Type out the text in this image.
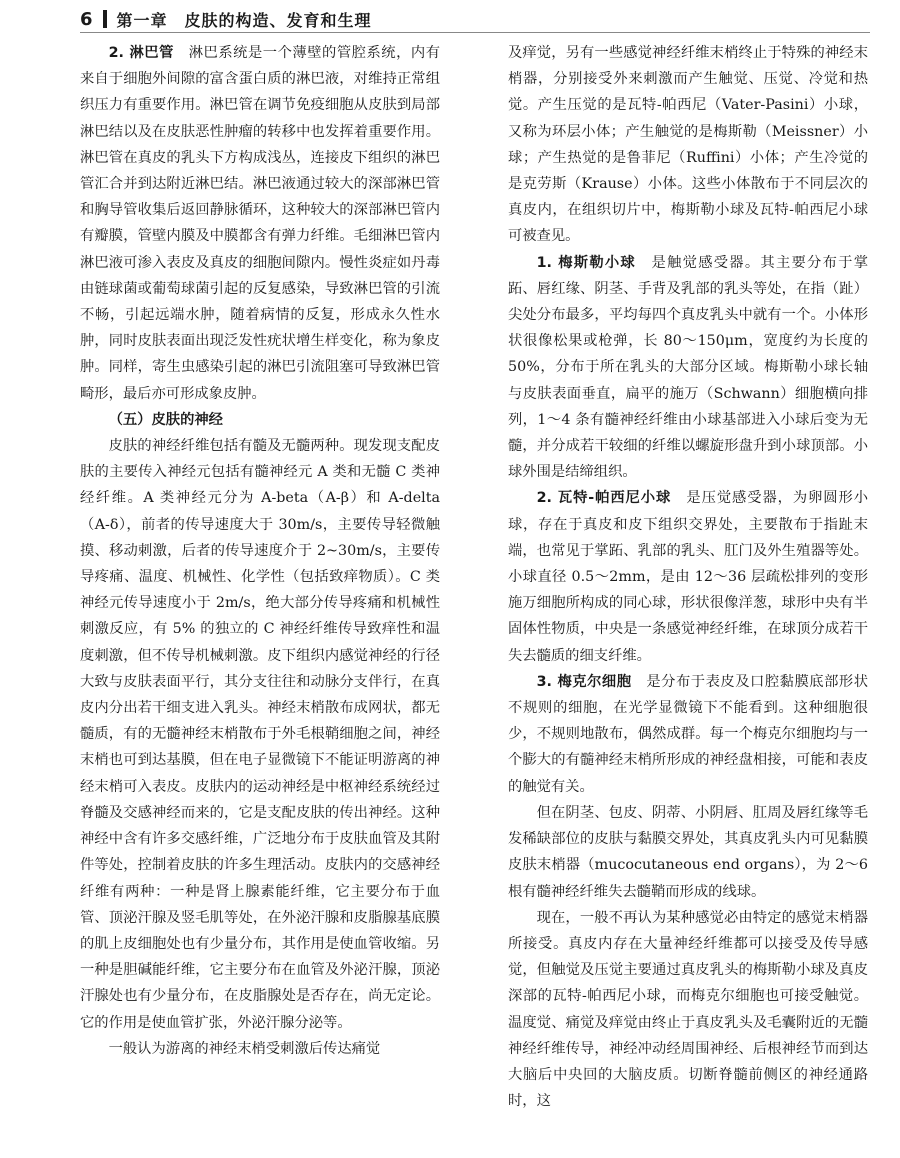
6 第一章　皮肤的构造、发育和生理

2. 淋巴管　淋巴系统是一个薄壁的管腔系统，内有来自于细胞外间隙的富含蛋白质的淋巴液，对维持正常组织压力有重要作用。淋巴管在调节免疫细胞从皮肤到局部淋巴结以及在皮肤恶性肿瘤的转移中也发挥着重要作用。淋巴管在真皮的乳头下方构成浅丛，连接皮下组织的淋巴管汇合并到达附近淋巴结。淋巴液通过较大的深部淋巴管和胸导管收集后返回静脉循环，这种较大的深部淋巴管内有瓣膜，管壁内膜及中膜都含有弹力纤维。毛细淋巴管内淋巴液可渗入表皮及真皮的细胞间隙内。慢性炎症如丹毒由链球菌或葡萄球菌引起的反复感染，导致淋巴管的引流不畅，引起远端水肿，随着病情的反复，形成永久性水肿，同时皮肤表面出现泛发性疣状增生样变化，称为象皮肿。同样，寄生虫感染引起的淋巴引流阻塞可导致淋巴管畸形，最后亦可形成象皮肿。

（五）皮肤的神经

皮肤的神经纤维包括有髓及无髓两种。现发现支配皮肤的主要传入神经元包括有髓神经元 A 类和无髓 C 类神经纤维。A 类神经元分为 A-beta（A-β）和 A-delta（A-δ），前者的传导速度大于 30m/s，主要传导轻微触摸、移动刺激，后者的传导速度介于 2~30m/s，主要传导疼痛、温度、机械性、化学性（包括致痒物质）。C 类神经元传导速度小于 2m/s，绝大部分传导疼痛和机械性刺激反应，有 5% 的独立的 C 神经纤维传导致痒性和温度刺激，但不传导机械刺激。皮下组织内感觉神经的行径大致与皮肤表面平行，其分支往往和动脉分支伴行，在真皮内分出若干细支进入乳头。神经末梢散布成网状，都无髓质，有的无髓神经末梢散布于外毛根鞘细胞之间，神经末梢也可到达基膜，但在电子显微镜下不能证明游离的神经末梢可入表皮。皮肤内的运动神经是中枢神经系统经过脊髓及交感神经而来的，它是支配皮肤的传出神经。这种神经中含有许多交感纤维，广泛地分布于皮肤血管及其附件等处，控制着皮肤的许多生理活动。皮肤内的交感神经纤维有两种：一种是肾上腺素能纤维，它主要分布于血管、顶泌汗腺及竖毛肌等处，在外泌汗腺和皮脂腺基底膜的肌上皮细胞处也有少量分布，其作用是使血管收缩。另一种是胆碱能纤维，它主要分布在血管及外泌汗腺，顶泌汗腺处也有少量分布，在皮脂腺处是否存在，尚无定论。它的作用是使血管扩张，外泌汗腺分泌等。

一般认为游离的神经末梢受刺激后传达痛觉

及痒觉，另有一些感觉神经纤维末梢终止于特殊的神经末梢器，分别接受外来刺激而产生触觉、压觉、冷觉和热觉。产生压觉的是瓦特-帕西尼（Vater-Pasini）小球，又称为环层小体；产生触觉的是梅斯勒（Meissner）小球；产生热觉的是鲁菲尼（Ruffini）小体；产生冷觉的是克劳斯（Krause）小体。这些小体散布于不同层次的真皮内，在组织切片中，梅斯勒小球及瓦特-帕西尼小球可被查见。

1. 梅斯勒小球　是触觉感受器。其主要分布于掌跖、唇红缘、阴茎、手背及乳部的乳头等处，在指（趾）尖处分布最多，平均每四个真皮乳头中就有一个。小体形状很像松果或枪弹，长 80～150μm，宽度约为长度的 50%，分布于所在乳头的大部分区域。梅斯勒小球长轴与皮肤表面垂直，扁平的施万（Schwann）细胞横向排列，1～4 条有髓神经纤维由小球基部进入小球后变为无髓，并分成若干较细的纤维以螺旋形盘升到小球顶部。小球外围是结缔组织。

2. 瓦特-帕西尼小球　是压觉感受器，为卵圆形小球，存在于真皮和皮下组织交界处，主要散布于指趾末端，也常见于掌跖、乳部的乳头、肛门及外生殖器等处。小球直径 0.5～2mm，是由 12～36 层疏松排列的变形施万细胞所构成的同心球，形状很像洋葱，球形中央有半固体性物质，中央是一条感觉神经纤维，在球顶分成若干失去髓质的细支纤维。

3. 梅克尔细胞　是分布于表皮及口腔黏膜底部形状不规则的细胞，在光学显微镜下不能看到。这种细胞很少，不规则地散布，偶然成群。每一个梅克尔细胞均与一个膨大的有髓神经末梢所形成的神经盘相接，可能和表皮的触觉有关。

但在阴茎、包皮、阴蒂、小阴唇、肛周及唇红缘等毛发稀缺部位的皮肤与黏膜交界处，其真皮乳头内可见黏膜皮肤末梢器（mucocutaneous end organs），为 2～6 根有髓神经纤维失去髓鞘而形成的线球。

现在，一般不再认为某种感觉必由特定的感觉末梢器所接受。真皮内存在大量神经纤维都可以接受及传导感觉，但触觉及压觉主要通过真皮乳头的梅斯勒小球及真皮深部的瓦特-帕西尼小球，而梅克尔细胞也可接受触觉。温度觉、痛觉及痒觉由终止于真皮乳头及毛囊附近的无髓神经纤维传导，神经冲动经周围神经、后根神经节而到达大脑后中央回的大脑皮质。切断脊髓前侧区的神经通路时，这
